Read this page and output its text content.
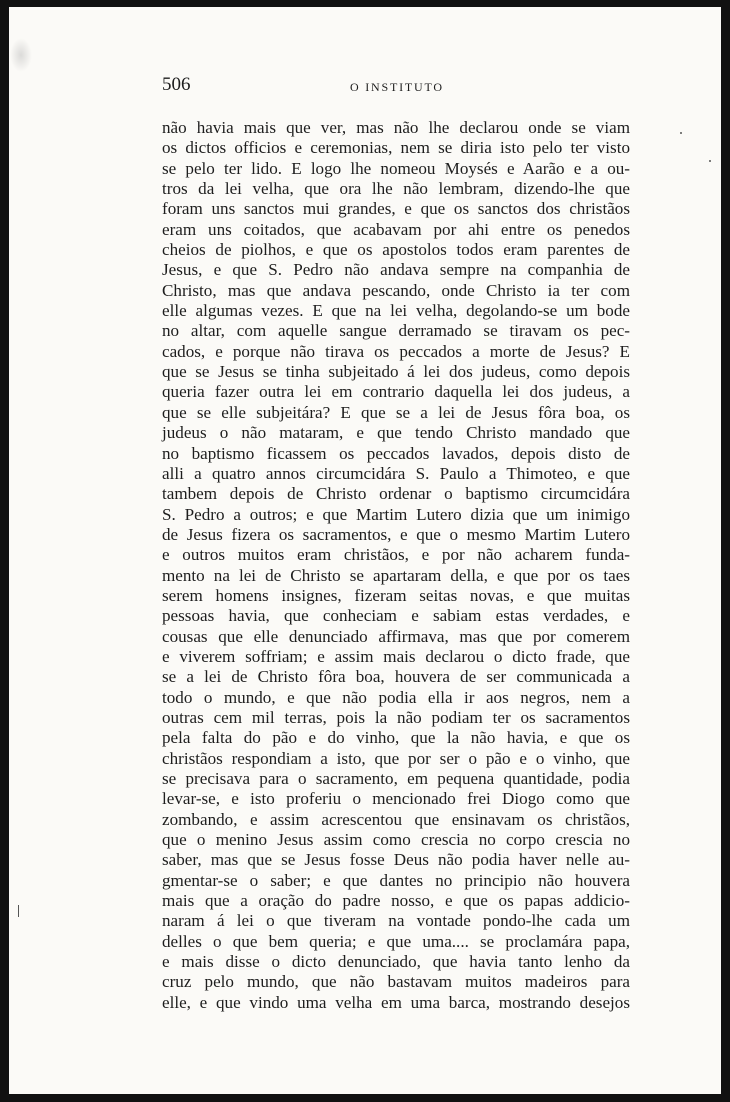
506	O INSTITUTO
não havia mais que ver, mas não lhe declarou onde se viam
os dictos officios e ceremonias, nem se diria isto pelo ter visto
se pelo ter lido. E logo lhe nomeou Moysés e Aarão e a ou-
tros da lei velha, que ora lhe não lembram, dizendo-lhe que
foram uns sanctos mui grandes, e que os sanctos dos christãos
eram uns coitados, que acabavam por ahi entre os penedos
cheios de piolhos, e que os apostolos todos eram parentes de
Jesus, e que S. Pedro não andava sempre na companhia de
Christo, mas que andava pescando, onde Christo ia ter com
elle algumas vezes. E que na lei velha, degolando-se um bode
no altar, com aquelle sangue derramado se tiravam os pec-
cados, e porque não tirava os peccados a morte de Jesus? E
que se Jesus se tinha subjeitado á lei dos judeus, como depois
queria fazer outra lei em contrario daquella lei dos judeus, a
que se elle subjeitára? E que se a lei de Jesus fôra boa, os
judeus o não mataram, e que tendo Christo mandado que
no baptismo ficassem os peccados lavados, depois disto de
alli a quatro annos circumcidára S. Paulo a Thimoteo, e que
tambem depois de Christo ordenar o baptismo circumcidára
S. Pedro a outros; e que Martim Lutero dizia que um inimigo
de Jesus fizera os sacramentos, e que o mesmo Martim Lutero
e outros muitos eram christãos, e por não acharem funda-
mento na lei de Christo se apartaram della, e que por os taes
serem homens insignes, fizeram seitas novas, e que muitas
pessoas havia, que conheciam e sabiam estas verdades, e
cousas que elle denunciado affirmava, mas que por comerem
e viverem soffriam; e assim mais declarou o dicto frade, que
se a lei de Christo fôra boa, houvera de ser communicada a
todo o mundo, e que não podia ella ir aos negros, nem a
outras cem mil terras, pois la não podiam ter os sacramentos
pela falta do pão e do vinho, que la não havia, e que os
christãos respondiam a isto, que por ser o pão e o vinho, que
se precisava para o sacramento, em pequena quantidade, podia
levar-se, e isto proferiu o mencionado frei Diogo como que
zombando, e assim acrescentou que ensinavam os christãos,
que o menino Jesus assim como crescia no corpo crescia no
saber, mas que se Jesus fosse Deus não podia haver nelle au-
gmentar-se o saber; e que dantes no principio não houvera
mais que a oração do padre nosso, e que os papas addicio-
naram á lei o que tiveram na vontade pondo-lhe cada um
delles o que bem queria; e que uma.... se proclamára papa,
e mais disse o dicto denunciado, que havia tanto lenho da
cruz pelo mundo, que não bastavam muitos madeiros para
elle, e que vindo uma velha em uma barca, mostrando desejos
